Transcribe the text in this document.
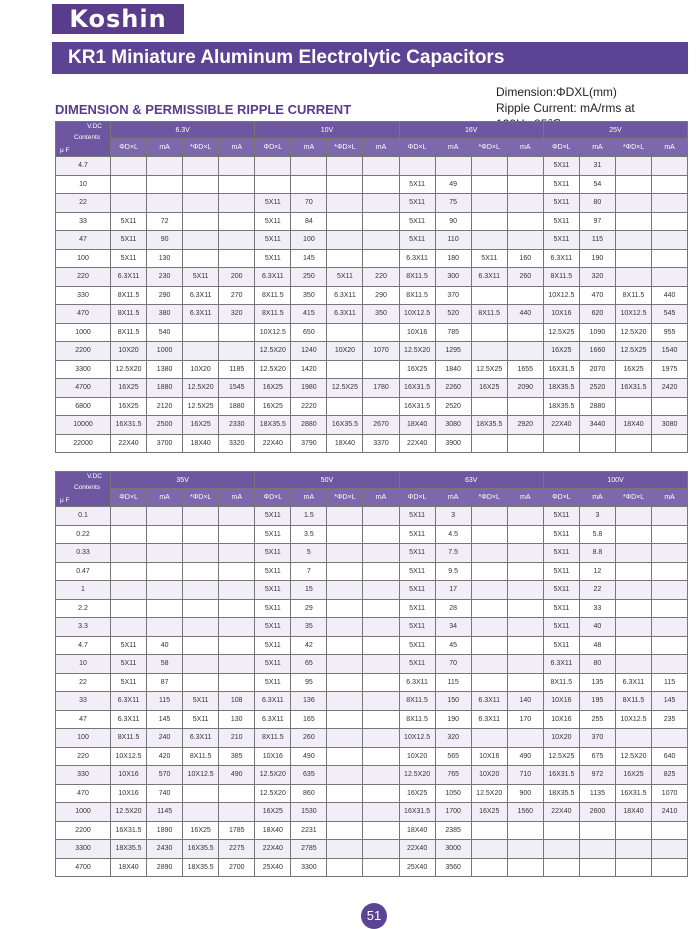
Koshin
KR1 Miniature Aluminum Electrolytic Capacitors
Dimension:ΦDXL(mm)
Ripple Current: mA/rms at
DIMENSION & PERMISSIBLE RIPPLE CURRENT
V.DC
Contents
μ F	6.3V				10V				16V				25V			
	ΦD×L	mA	*ΦD×L	mA	ΦD×L	mA	*ΦD×L	mA	ΦD×L	mA	*ΦD×L	mA	ΦD×L	mA	*ΦD×L	mA
4.7													5X11	31		
10									5X11	49			5X11	54		
22					5X11	70			5X11	75			5X11	80		
33	5X11	72			5X11	84			5X11	90			5X11	97		
47	5X11	90			5X11	100			5X11	110			5X11	115		
100	5X11	130			5X11	145			6.3X11	180	5X11	160	6.3X11	190		
220	6.3X11	230	5X11	200	6.3X11	250	5X11	220	8X11.5	300	6.3X11	260	8X11.5	320		
330	8X11.5	290	6.3X11	270	8X11.5	350	6.3X11	290	8X11.5	370			10X12.5	470	8X11.5	440
470	8X11.5	380	6.3X11	320	8X11.5	415	6.3X11	350	10X12.5	520	8X11.5	440	10X16	620	10X12.5	545
1000	8X11.5	540			10X12.5	650			10X16	785			12.5X25	1090	12.5X20	955
2200	10X20	1000			12.5X20	1240	10X20	1070	12.5X20	1295			16X25	1660	12.5X25	1540
3300	12.5X20	1380	10X20	1185	12.5X20	1420			16X25	1840	12.5X25	1655	16X31.5	2070	16X25	1975
4700	16X25	1880	12.5X20	1545	16X25	1980	12.5X25	1780	16X31.5	2260	16X25	2090	18X35.5	2520	16X31.5	2420
6800	16X25	2120	12.5X25	1880	16X25	2220			16X31.5	2520			18X35.5	2880		
10000	16X31.5	2500	16X25	2330	18X35.5	2880	16X35.5	2670	18X40	3080	18X35.5	2920	22X40	3440	18X40	3080
22000	22X40	3700	18X40	3320	22X40	3790	18X40	3370	22X40	3900						
V.DC
Contents
μ F	35V				50V				63V				100V			
	ΦD×L	mA	*ΦD×L	mA	ΦD×L	mA	*ΦD×L	mA	ΦD×L	mA	*ΦD×L	mA	ΦD×L	mA	*ΦD×L	mA
0.1					5X11	1.5			5X11	3			5X11	3		
0.22					5X11	3.5			5X11	4.5			5X11	5.8		
0.33					5X11	5			5X11	7.5			5X11	8.8		
0.47					5X11	7			5X11	9.5			5X11	12		
1					5X11	15			5X11	17			5X11	22		
2.2					5X11	29			5X11	28			5X11	33		
3.3					5X11	35			5X11	34			5X11	40		
4.7	5X11	40			5X11	42			5X11	45			5X11	48		
10	5X11	58			5X11	65			5X11	70			6.3X11	80		
22	5X11	87			5X11	95			6.3X11	115			8X11.5	135	6.3X11	115
33	6.3X11	115	5X11	108	6.3X11	136			8X11.5	150	6.3X11	140	10X16	195	8X11.5	145
47	6.3X11	145	5X11	130	6.3X11	165			8X11.5	190	6.3X11	170	10X16	255	10X12.5	235
100	8X11.5	240	6.3X11	210	8X11.5	260			10X12.5	320			10X20	370		
220	10X12.5	420	8X11.5	385	10X16	490			10X20	565	10X16	490	12.5X25	675	12.5X20	640
330	10X16	570	10X12.5	490	12.5X20	635			12.5X20	765	10X20	710	16X31.5	972	16X25	825
470	10X16	740			12.5X20	860			16X25	1050	12.5X20	900	18X35.5	1135	16X31.5	1070
1000	12.5X20	1145			16X25	1530			16X31.5	1700	16X25	1560	22X40	2600	18X40	2410
2200	16X31.5	1890	16X25	1785	18X40	2231			18X40	2385						
3300	18X35.5	2430	16X35.5	2275	22X40	2785			22X40	3000						
4700	18X40	2890	18X35.5	2700	25X40	3300			25X40	3560						
51
